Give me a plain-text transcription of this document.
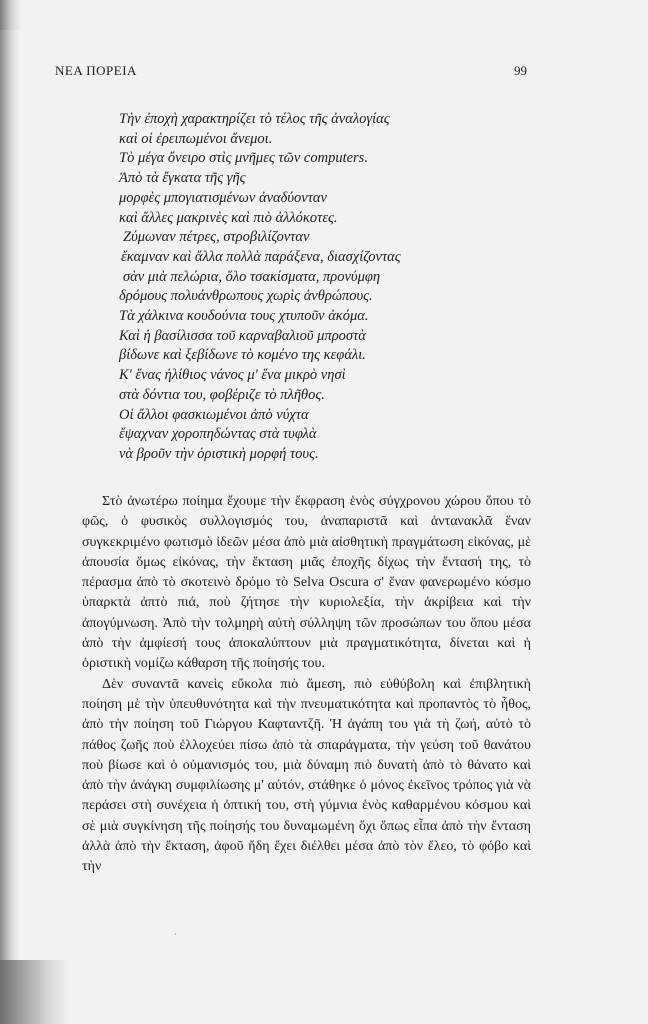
ΝΕΑ ΠΟΡΕΙΑ	99
Τὴν ἐποχὴ χαρακτηρίζει τὸ τέλος τῆς ἀναλογίας
καὶ οἱ ἐρειπωμένοι ἄνεμοι.
Τὸ μέγα ὄνειρο στὶς μνῆμες τῶν computers.
Ἀπὸ τὰ ἔγκατα τῆς γῆς
μορφὲς μπογιατισμένων ἀναδύονταν
καὶ ἄλλες μακρινὲς καὶ πιὸ ἀλλόκοτες.
Ζύμωναν πέτρες, στροβιλίζονταν
ἔκαμναν καὶ ἄλλα πολλὰ παράξενα, διασχίζοντας
σὰν μιὰ πελώρια, ὅλο τσακίσματα, προνύμφη
δρόμους πολυάνθρωπους χωρὶς ἀνθρώπους.
Τὰ χάλκινα κουδούνια τους χτυποῦν ἀκόμα.
Καὶ ἡ βασίλισσα τοῦ καρναβαλιοῦ μπροστὰ
βίδωνε καὶ ξεβίδωνε τὸ κομένο της κεφάλι.
Κ' ἕνας ἡλίθιος νάνος μ' ἕνα μικρὸ νησὶ
στὰ δόντια του, φοβέριζε τὸ πλῆθος.
Οἱ ἄλλοι φασκιωμένοι ἀπὸ νύχτα
ἔψαχναν χοροπηδώντας στὰ τυφλὰ
νὰ βροῦν τὴν ὁριστικὴ μορφή τους.

Στὸ ἀνωτέρω ποίημα ἔχουμε τὴν ἔκφραση ἑνὸς σύγχρονου χώρου ὅπου τὸ φῶς, ὁ φυσικὸς συλλογισμός του, ἀναπαριστᾶ καὶ ἀντανακλᾶ ἕναν συγκεκριμένο φωτισμὸ ἰδεῶν μέσα ἀπὸ μιὰ αἰσθητικὴ πραγμάτωση εἰκόνας, μὲ ἀπουσία ὅμως εἰκόνας, τὴν ἔκταση μιᾶς ἐποχῆς δίχως τὴν ἔντασή της, τὸ πέρασμα ἀπὸ τὸ σκοτεινὸ δρόμο τὸ Selva Oscura σ' ἕναν φανερωμένο κόσμο ὑπαρκτὰ ἀπτὸ πιά, ποὺ ζήτησε τὴν κυριολεξία, τὴν ἀκρίβεια καὶ τὴν ἀπογύμνωση. Ἀπὸ τὴν τολμηρὴ αὐτὴ σύλληψη τῶν προσώπων του ὅπου μέσα ἀπὸ τὴν ἀμφίεσή τους ἀποκαλύπτουν μιὰ πραγματικότητα, δίνεται καὶ ἡ ὁριστικὴ νομίζω κάθαρση τῆς ποίησής του.

Δὲν συναντᾶ κανεὶς εὔκολα πιὸ ἄμεση, πιὸ εὐθύβολη καὶ ἐπιβλητικὴ ποίηση μὲ τὴν ὑπευθυνότητα καὶ τὴν πνευματικότητα καὶ προπαντὸς τὸ ἦθος, ἀπὸ τὴν ποίηση τοῦ Γιώργου Καφταντζῆ. Ἡ ἀγάπη του γιὰ τὴ ζωή, αὐτὸ τὸ πάθος ζωῆς ποὺ ἐλλοχεύει πίσω ἀπὸ τὰ σπαράγματα, τὴν γεύση τοῦ θανάτου ποὺ βίωσε καὶ ὁ οὐμανισμός του, μιὰ δύναμη πιὸ δυνατὴ ἀπὸ τὸ θάνατο καὶ ἀπὸ τὴν ἀνάγκη συμφιλίωσης μ' αὐτόν, στάθηκε ὁ μόνος ἐκεῖνος τρόπος γιὰ νὰ περάσει στὴ συνέχεια ἡ ὀπτική του, στὴ γύμνια ἑνὸς καθαρμένου κόσμου καὶ σὲ μιὰ συγκίνηση τῆς ποίησής του δυναμωμένη ὄχι ὅπως εἶπα ἀπὸ τὴν ἔνταση ἀλλὰ ἀπὸ τὴν ἔκταση, ἀφοῦ ἤδη ἔχει διέλθει μέσα ἀπὸ τὸν ἔλεο, τὸ φόβο καὶ τὴν

·
